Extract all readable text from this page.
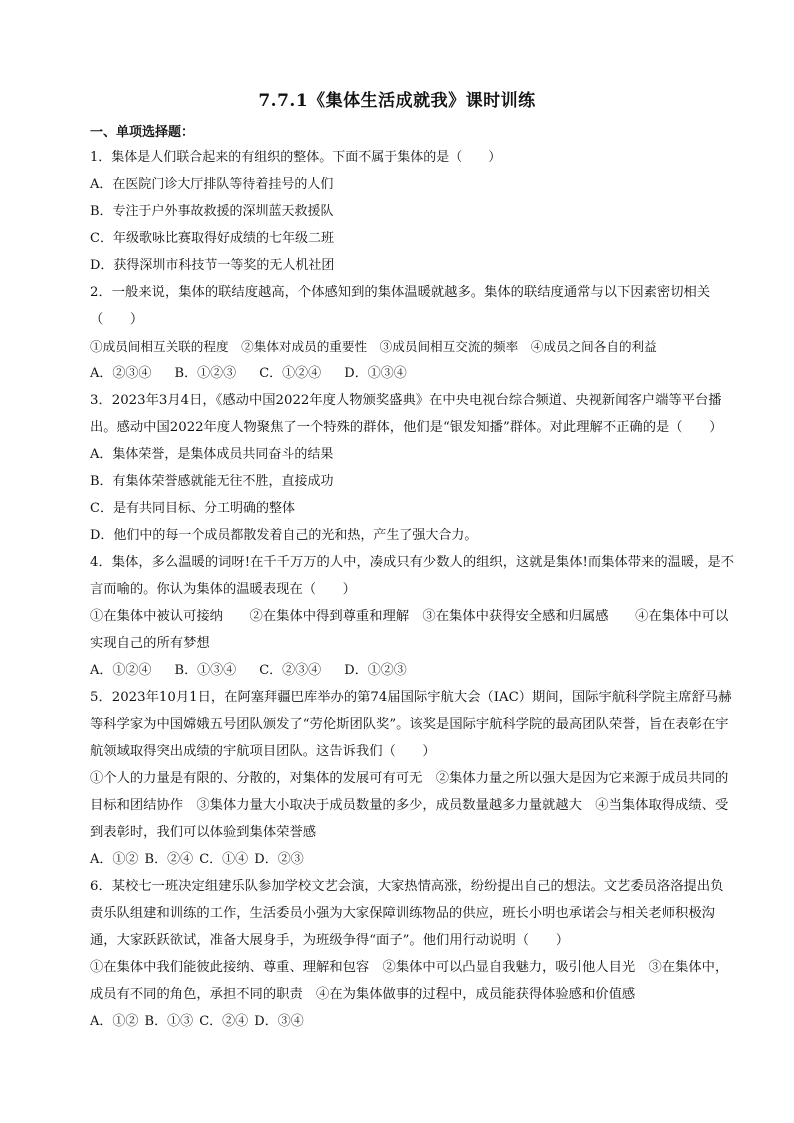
7.7.1《集体生活成就我》课时训练
一、单项选择题：
1．集体是人们联合起来的有组织的整体。下面不属于集体的是（　　）
A．在医院门诊大厅排队等待着挂号的人们
B．专注于户外事故救援的深圳蓝天救援队
C．年级歌咏比赛取得好成绩的七年级二班
D．获得深圳市科技节一等奖的无人机社团
2．一般来说，集体的联结度越高，个体感知到的集体温暖就越多。集体的联结度通常与以下因素密切相关（　　）
①成员间相互关联的程度　②集体对成员的重要性　③成员间相互交流的频率　④成员之间各自的利益
A．②③④　 B．①②③　 C．①②④　 D．①③④
3．2023年3月4日，《感动中国2022年度人物颁奖盛典》在中央电视台综合频道、央视新闻客户端等平台播出。感动中国2022年度人物聚焦了一个特殊的群体，他们是“银发知播”群体。对此理解不正确的是（　　）
A．集体荣誉，是集体成员共同奋斗的结果
B．有集体荣誉感就能无往不胜，直接成功
C．是有共同目标、分工明确的整体
D．他们中的每一个成员都散发着自己的光和热，产生了强大合力。
4．集体，多么温暖的词呀!在千千万万的人中，凑成只有少数人的组织，这就是集体!而集体带来的温暖，是不言而喻的。你认为集体的温暖表现在（　　）
①在集体中被认可接纳　　②在集体中得到尊重和理解　③在集体中获得安全感和归属感　　④在集体中可以实现自己的所有梦想
A．①②④　 B．①③④　 C．②③④　 D．①②③
5．2023年10月1日，在阿塞拜疆巴库举办的第74届国际宇航大会（IAC）期间，国际宇航科学院主席舒马赫等科学家为中国嫦娥五号团队颁发了“劳伦斯团队奖”。该奖是国际宇航科学院的最高团队荣誉，旨在表彰在宇航领域取得突出成绩的宇航项目团队。这告诉我们（　　）
①个人的力量是有限的、分散的，对集体的发展可有可无　②集体力量之所以强大是因为它来源于成员共同的目标和团结协作　③集体力量大小取决于成员数量的多少，成员数量越多力量就越大　④当集体取得成绩、受到表彰时，我们可以体验到集体荣誉感
A．①② B．②④ C．①④ D．②③
6．某校七一班决定组建乐队参加学校文艺会演，大家热情高涨，纷纷提出自己的想法。文艺委员洛洛提出负责乐队组建和训练的工作，生活委员小强为大家保障训练物品的供应，班长小明也承诺会与相关老师积极沟通，大家跃跃欲试，准备大展身手，为班级争得“面子”。他们用行动说明（　　）
①在集体中我们能彼此接纳、尊重、理解和包容　②集体中可以凸显自我魅力，吸引他人目光　③在集体中，成员有不同的角色，承担不同的职责　④在为集体做事的过程中，成员能获得体验感和价值感
A．①② B．①③ C．②④ D．③④
